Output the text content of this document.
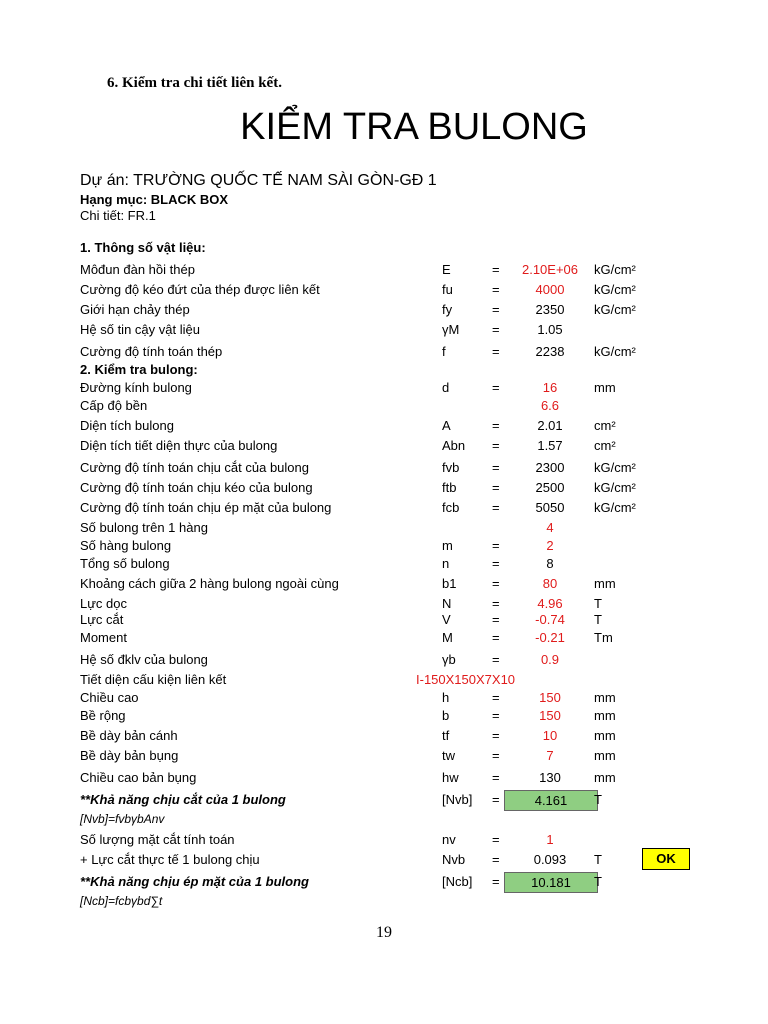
6. Kiểm tra chi tiết liên kết.
KIỂM TRA BULONG
Dự án: TRƯỜNG QUỐC TẾ NAM SÀI GÒN-GĐ 1
Hạng mục: BLACK BOX
Chi tiết: FR.1
1. Thông số vật liệu:
Môđun đàn hồi thép	E	=	2.10E+06	kG/cm²
Cường độ kéo đứt của thép được liên kết	fu	=	4000	kG/cm²
Giới hạn chảy thép	fy	=	2350	kG/cm²
Hệ số tin cậy vật liệu	γM	=	1.05
Cường độ tính toán thép	f	=	2238	kG/cm²
2. Kiểm tra bulong:
Đường kính bulong	d	=	16	mm
Cấp độ bền	6.6
Diện tích bulong	A	=	2.01	cm²
Diện tích tiết diện thực của bulong	Abn =	1.57	cm²
Cường độ tính toán chịu cắt của bulong	fvb	=	2300	kG/cm²
Cường độ tính toán chịu kéo của bulong	ftb	=	2500	kG/cm²
Cường độ tính toán chịu ép mặt của bulong	fcb	=	5050	kG/cm²
Số bulong trên 1 hàng	4
Số hàng bulong	m	=	2
Tổng số bulong	n	=	8
Khoảng cách giữa 2 hàng bulong ngoài cùng	b1	=	80	mm
Lực dọc	N	=	4.96	T
Lực cắt	V	=	-0.74	T
Moment	M	=	-0.21	Tm
Hệ số đklv của bulong	γb	=	0.9
Tiết diện cấu kiện liên kết	I-150X150X7X10
Chiều cao	h	=	150	mm
Bề rộng	b	=	150	mm
Bề dày bản cánh	tf	=	10	mm
Bề dày bản bụng	tw	=	7	mm
Chiều cao bản bụng	hw	=	130	mm
**Khả năng chịu cắt của 1 bulong	[Nvb] =	4.161	T
[Nvb]=fvbγbAnv
Số lượng mặt cắt tính toán	nv	=	1
+ Lực cắt thực tế 1 bulong chịu	Nvb =	0.093	T
**Khả năng chịu ép mặt của 1 bulong	[Ncb] =	10.181	T
[Ncb]=fcbγbd∑t
OK
19
